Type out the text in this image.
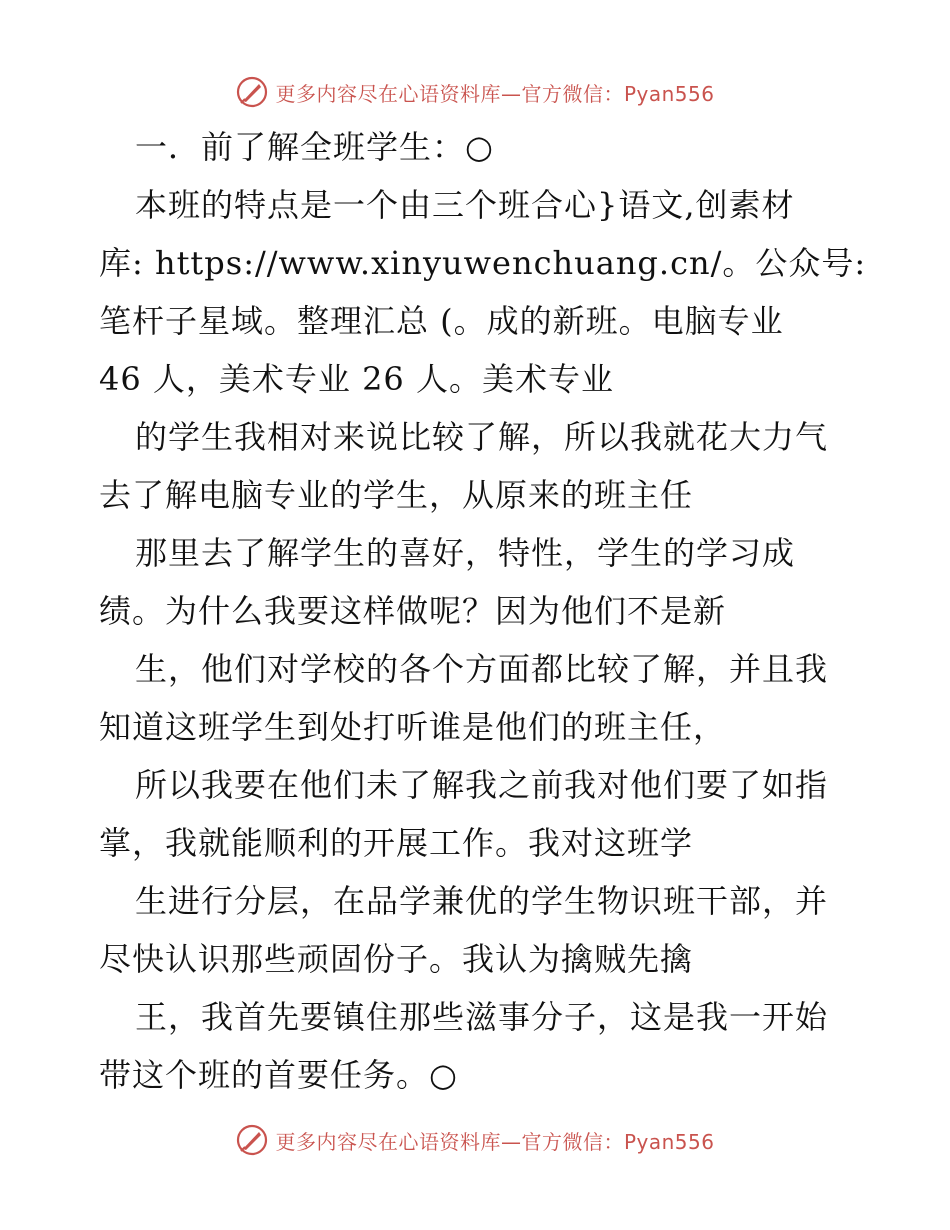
更多内容尽在心语资料库—官方微信：Pyan556
一．前了解全班学生：○
本班的特点是一个由三个班合心}语文,创素材
库: https://www.xinyuwenchuang.cn/。公众号:
笔杆子星域。整理汇总 (。成的新班。电脑专业
46 人，美术专业 26 人。美术专业
的学生我相对来说比较了解，所以我就花大力气
去了解电脑专业的学生，从原来的班主任
那里去了解学生的喜好，特性，学生的学习成
绩。为什么我要这样做呢？因为他们不是新
生，他们对学校的各个方面都比较了解，并且我
知道这班学生到处打听谁是他们的班主任，
所以我要在他们未了解我之前我对他们要了如指
掌，我就能顺利的开展工作。我对这班学
生进行分层，在品学兼优的学生物识班干部，并
尽快认识那些顽固份子。我认为擒贼先擒
王，我首先要镇住那些滋事分子，这是我一开始
带这个班的首要任务。○
更多内容尽在心语资料库—官方微信：Pyan556
